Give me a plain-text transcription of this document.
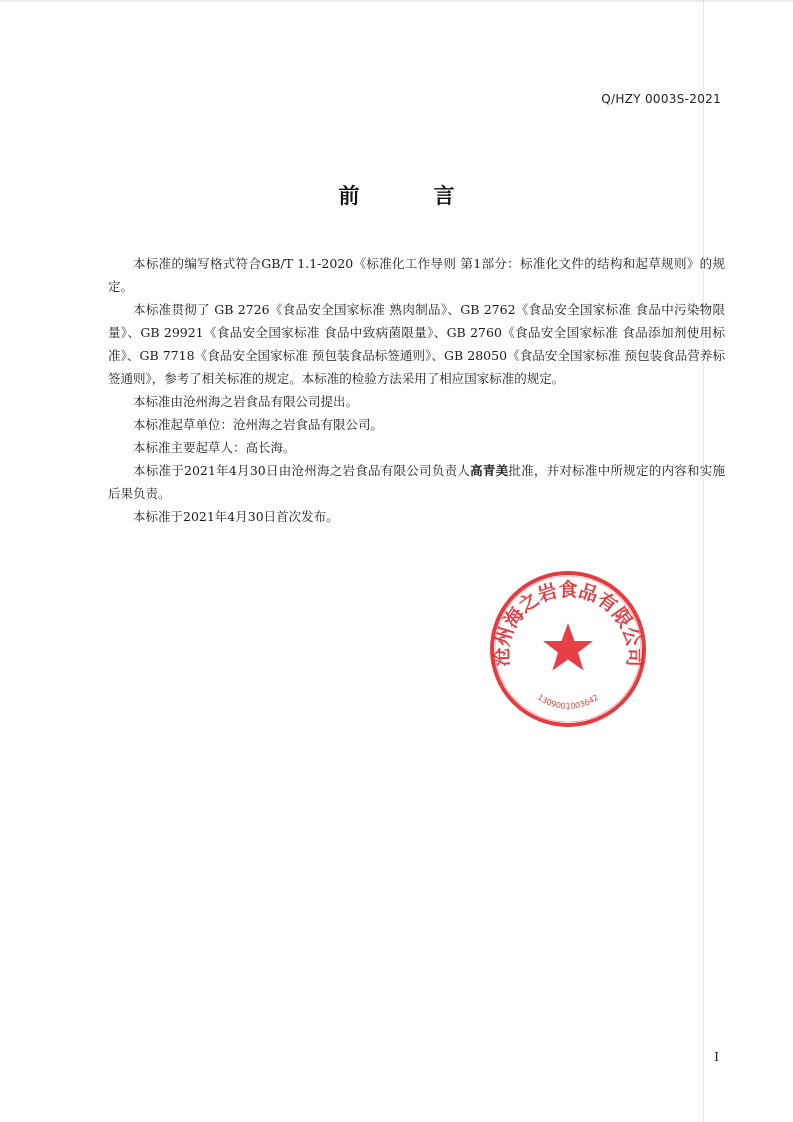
Q/HZY 0003S-2021
前	言

本标准的编写格式符合GB/T 1.1-2020《标准化工作导则 第1部分：标准化文件的结构和起草规则》的规定。

本标准贯彻了 GB 2726《食品安全国家标准 熟肉制品》、GB 2762《食品安全国家标准 食品中污染物限量》、GB 29921《食品安全国家标准 食品中致病菌限量》、GB 2760《食品安全国家标准 食品添加剂使用标准》、GB 7718《食品安全国家标准 预包装食品标签通则》、GB 28050《食品安全国家标准 预包装食品营养标签通则》，参考了相关标准的规定。本标准的检验方法采用了相应国家标准的规定。

本标准由沧州海之岩食品有限公司提出。

本标准起草单位：沧州海之岩食品有限公司。

本标准主要起草人：高长海。

本标准于2021年4月30日由沧州海之岩食品有限公司负责人高青美批准，并对标准中所规定的内容和实施后果负责。

本标准于2021年4月30日首次发布。

沧州海之岩食品有限公司
1309001003642
I
